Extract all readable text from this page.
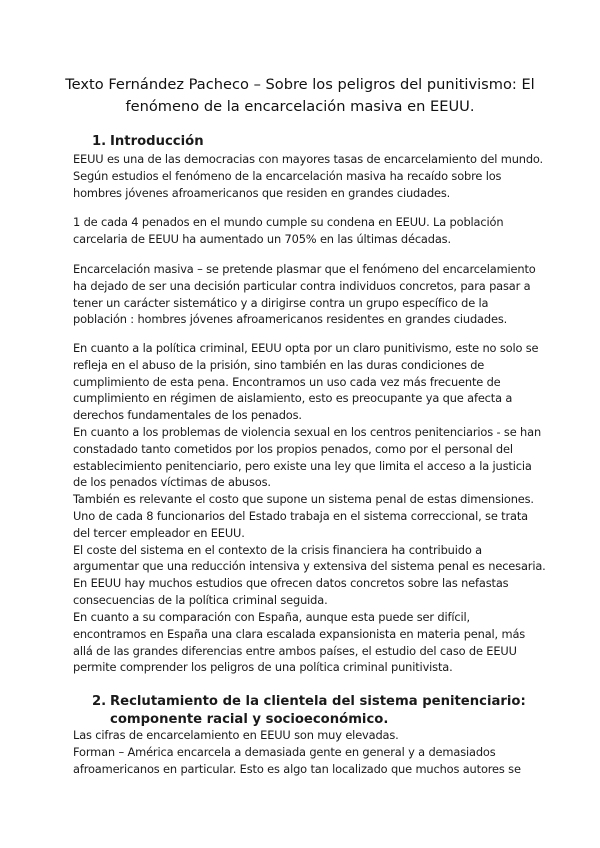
Texto Fernández Pacheco – Sobre los peligros del punitivismo: El
fenómeno de la encarcelación masiva en EEUU.
1. Introducción
EEUU es una de las democracias con mayores tasas de encarcelamiento del mundo.
Según estudios el fenómeno de la encarcelación masiva ha recaído sobre los
hombres jóvenes afroamericanos que residen en grandes ciudades.
1 de cada 4 penados en el mundo cumple su condena en EEUU. La población
carcelaria de EEUU ha aumentado un 705% en las últimas décadas.
Encarcelación masiva – se pretende plasmar que el fenómeno del encarcelamiento
ha dejado de ser una decisión particular contra individuos concretos, para pasar a
tener un carácter sistemático y a dirigirse contra un grupo específico de la
población : hombres jóvenes afroamericanos residentes en grandes ciudades.
En cuanto a la política criminal, EEUU opta por un claro punitivismo, este no solo se
refleja en el abuso de la prisión, sino también en las duras condiciones de
cumplimiento de esta pena. Encontramos un uso cada vez más frecuente de
cumplimiento en régimen de aislamiento, esto es preocupante ya que afecta a
derechos fundamentales de los penados.
En cuanto a los problemas de violencia sexual en los centros penitenciarios - se han
constadado tanto cometidos por los propios penados, como por el personal del
establecimiento penitenciario, pero existe una ley que limita el acceso a la justicia
de los penados víctimas de abusos.
También es relevante el costo que supone un sistema penal de estas dimensiones.
Uno de cada 8 funcionarios del Estado trabaja en el sistema correccional, se trata
del tercer empleador en EEUU.
El coste del sistema en el contexto de la crisis financiera ha contribuido a
argumentar que una reducción intensiva y extensiva del sistema penal es necesaria.
En EEUU hay muchos estudios que ofrecen datos concretos sobre las nefastas
consecuencias de la política criminal seguida.
En cuanto a su comparación con España, aunque esta puede ser difícil,
encontramos en España una clara escalada expansionista en materia penal, más
allá de las grandes diferencias entre ambos países, el estudio del caso de EEUU
permite comprender los peligros de una política criminal punitivista.
2. Reclutamiento de la clientela del sistema penitenciario:
componente racial y socioeconómico.
Las cifras de encarcelamiento en EEUU son muy elevadas.
Forman – América encarcela a demasiada gente en general y a demasiados
afroamericanos en particular. Esto es algo tan localizado que muchos autores se
